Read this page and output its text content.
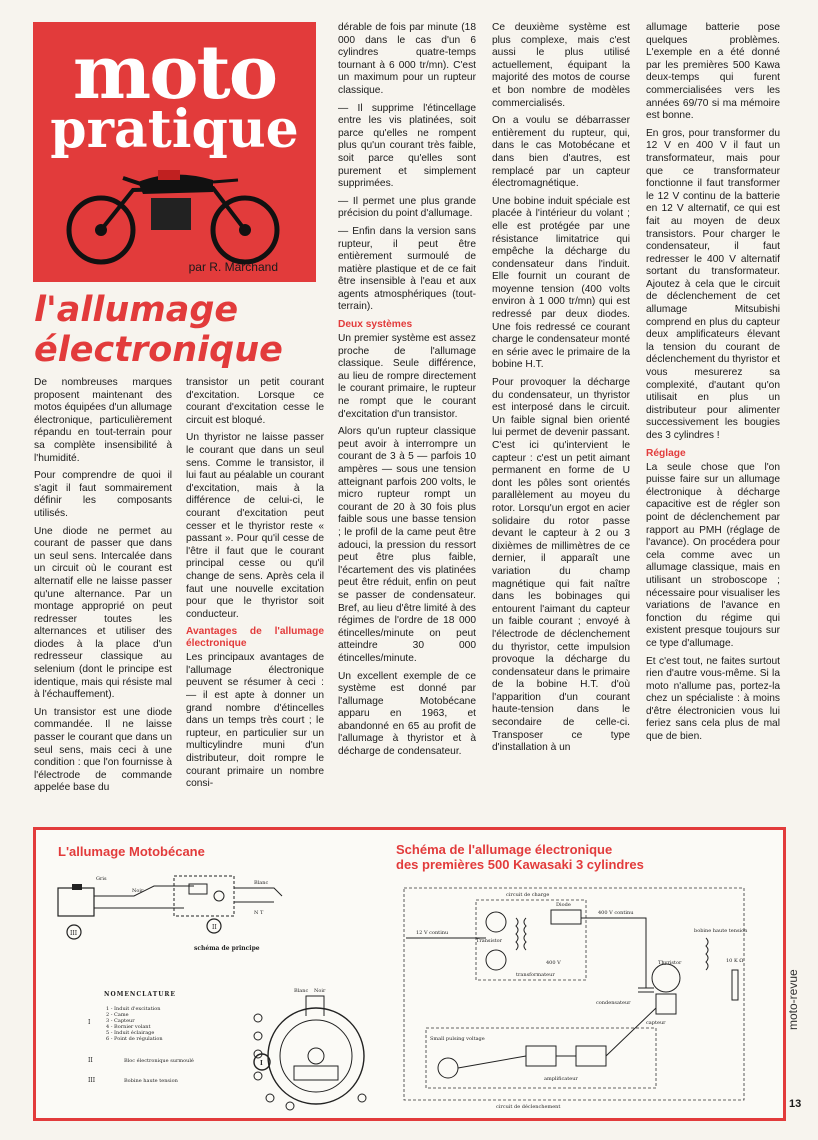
moto
pratique
par R. Marchand
l'allumage
électronique

De nombreuses marques proposent maintenant des motos équipées d'un allumage électronique, particulièrement répandu en tout-terrain pour sa complète insensibilité à l'humidité.

Pour comprendre de quoi il s'agit il faut sommairement définir les composants utilisés.

Une diode ne permet au courant de passer que dans un seul sens. Intercalée dans un circuit où le courant est alternatif elle ne laisse passer qu'une alternance. Par un montage approprié on peut redresser toutes les alternances et utiliser des diodes à la place d'un redresseur classique au selenium (dont le principe est identique, mais qui résiste mal à l'échauffement).

Un transistor est une diode commandée. Il ne laisse passer le courant que dans un seul sens, mais ceci à une condition : que l'on fournisse à l'électrode de commande appelée base du

transistor un petit courant d'excitation. Lorsque ce courant d'excitation cesse le circuit est bloqué.

Un thyristor ne laisse passer le courant que dans un seul sens. Comme le transistor, il lui faut au péalable un courant d'excitation, mais à la différence de celui-ci, le courant d'excitation peut cesser et le thyristor reste « passant ». Pour qu'il cesse de l'être il faut que le courant principal cesse ou qu'il change de sens. Après cela il faut une nouvelle excitation pour que le thyristor soit conducteur.

Avantages de l'allumage électronique

Les principaux avantages de l'allumage électronique peuvent se résumer à ceci : — il est apte à donner un grand nombre d'étincelles dans un temps très court ; le rupteur, en particulier sur un multicylindre muni d'un distributeur, doit rompre le courant primaire un nombre consi-

dérable de fois par minute (18 000 dans le cas d'un 6 cylindres quatre-temps tournant à 6 000 tr/mn). C'est un maximum pour un rupteur classique.

— Il supprime l'étincellage entre les vis platinées, soit parce qu'elles ne rompent plus qu'un courant très faible, soit parce qu'elles sont purement et simplement supprimées.

— Il permet une plus grande précision du point d'allumage.

— Enfin dans la version sans rupteur, il peut être entièrement surmoulé de matière plastique et de ce fait être insensible à l'eau et aux agents atmosphériques (tout-terrain).

Deux systèmes

Un premier système est assez proche de l'allumage classique. Seule différence, au lieu de rompre directement le courant primaire, le rupteur ne rompt que le courant d'excitation d'un transistor.

Alors qu'un rupteur classique peut avoir à interrompre un courant de 3 à 5 — parfois 10 ampères — sous une tension atteignant parfois 200 volts, le micro rupteur rompt un courant de 20 à 30 fois plus faible sous une basse tension ; le profil de la came peut être adouci, la pression du ressort peut être plus faible, l'écartement des vis platinées peut être réduit, enfin on peut se passer de condensateur. Bref, au lieu d'être limité à des régimes de l'ordre de 18 000 étincelles/minute on peut atteindre 30 000 étincelles/minute.

Un excellent exemple de ce système est donné par l'allumage Motobécane apparu en 1963, et abandonné en 65 au profit de l'allumage à thyristor et à décharge de condensateur.

Ce deuxième système est plus complexe, mais c'est aussi le plus utilisé actuellement, équipant la majorité des motos de course et bon nombre de modèles commercialisés.

On a voulu se débarrasser entièrement du rupteur, qui, dans le cas Motobécane et dans bien d'autres, est remplacé par un capteur électromagnétique.

Une bobine induit spéciale est placée à l'intérieur du volant ; elle est protégée par une résistance limitatrice qui empêche la décharge du condensateur dans l'induit. Elle fournit un courant de moyenne tension (400 volts environ à 1 000 tr/mn) qui est redressé par deux diodes. Une fois redressé ce courant charge le condensateur monté en série avec le primaire de la bobine H.T.

Pour provoquer la décharge du condensateur, un thyristor est interposé dans le circuit. Un faible signal bien orienté lui permet de devenir passant. C'est ici qu'intervient le capteur : c'est un petit aimant permanent en forme de U dont les pôles sont orientés parallèlement au moyeu du rotor. Lorsqu'un ergot en acier solidaire du rotor passe devant le capteur à 2 ou 3 dixièmes de millimètres de ce dernier, il apparaît une variation du champ magnétique qui fait naître dans les bobinages qui entourent l'aimant du capteur un faible courant ; envoyé à l'électrode de déclenchement du thyristor, cette impulsion provoque la décharge du condensateur dans le primaire de la bobine H.T. d'où l'apparition d'un courant haute-tension dans le secondaire de celle-ci. Transposer ce type d'installation à un

allumage batterie pose quelques problèmes. L'exemple en a été donné par les premières 500 Kawa deux-temps qui furent commercialisées vers les années 69/70 si ma mémoire est bonne.

En gros, pour transformer du 12 V en 400 V il faut un transformateur, mais pour que ce transformateur fonctionne il faut transformer le 12 V continu de la batterie en 12 V alternatif, ce qui est fait au moyen de deux transistors. Pour charger le condensateur, il faut redresser le 400 V alternatif sortant du transformateur. Ajoutez à cela que le circuit de déclenchement de cet allumage Mitsubishi comprend en plus du capteur deux amplificateurs élevant la tension du courant de déclenchement du thyristor et vous mesurerez sa complexité, d'autant qu'on utilisait en plus un distributeur pour alimenter successivement les bougies des 3 cylindres !

Réglage

La seule chose que l'on puisse faire sur un allumage électronique à décharge capacitive est de régler son point de déclenchement par rapport au PMH (réglage de l'avance). On procédera pour cela comme avec un allumage classique, mais en utilisant un stroboscope ; nécessaire pour visualiser les variations de l'avance en fonction du régime qui existent presque toujours sur ce type d'allumage.

Et c'est tout, ne faites surtout rien d'autre vous-même. Si la moto n'allume pas, portez-la chez un spécialiste : à moins d'être électronicien vous lui feriez sans cela plus de mal que de bien.

L'allumage Motobécane	Schéma de l'allumage électronique
des premières 500 Kawasaki 3 cylindres
III
II
Gris
Noir
Blanc
N T
schéma de principe
NOMENCLATURE
I
1 - Induit d'excitation
2 - Came
3 - Capteur
4 - Bornier volant
5 - Induit éclairage
6 - Point de régulation
II	Bloc électronique surmoulé
III	Bobine haute tension
I
Noir
Blanc
circuit de charge
12 V continu
Transistor
transformateur
Diode
400 V
400 V continu
condensateur
Thyristor
bobine haute tension
10 K Ω
capteur
Small pulsing voltage
amplificateur
circuit de déclenchement
moto-revue
13
